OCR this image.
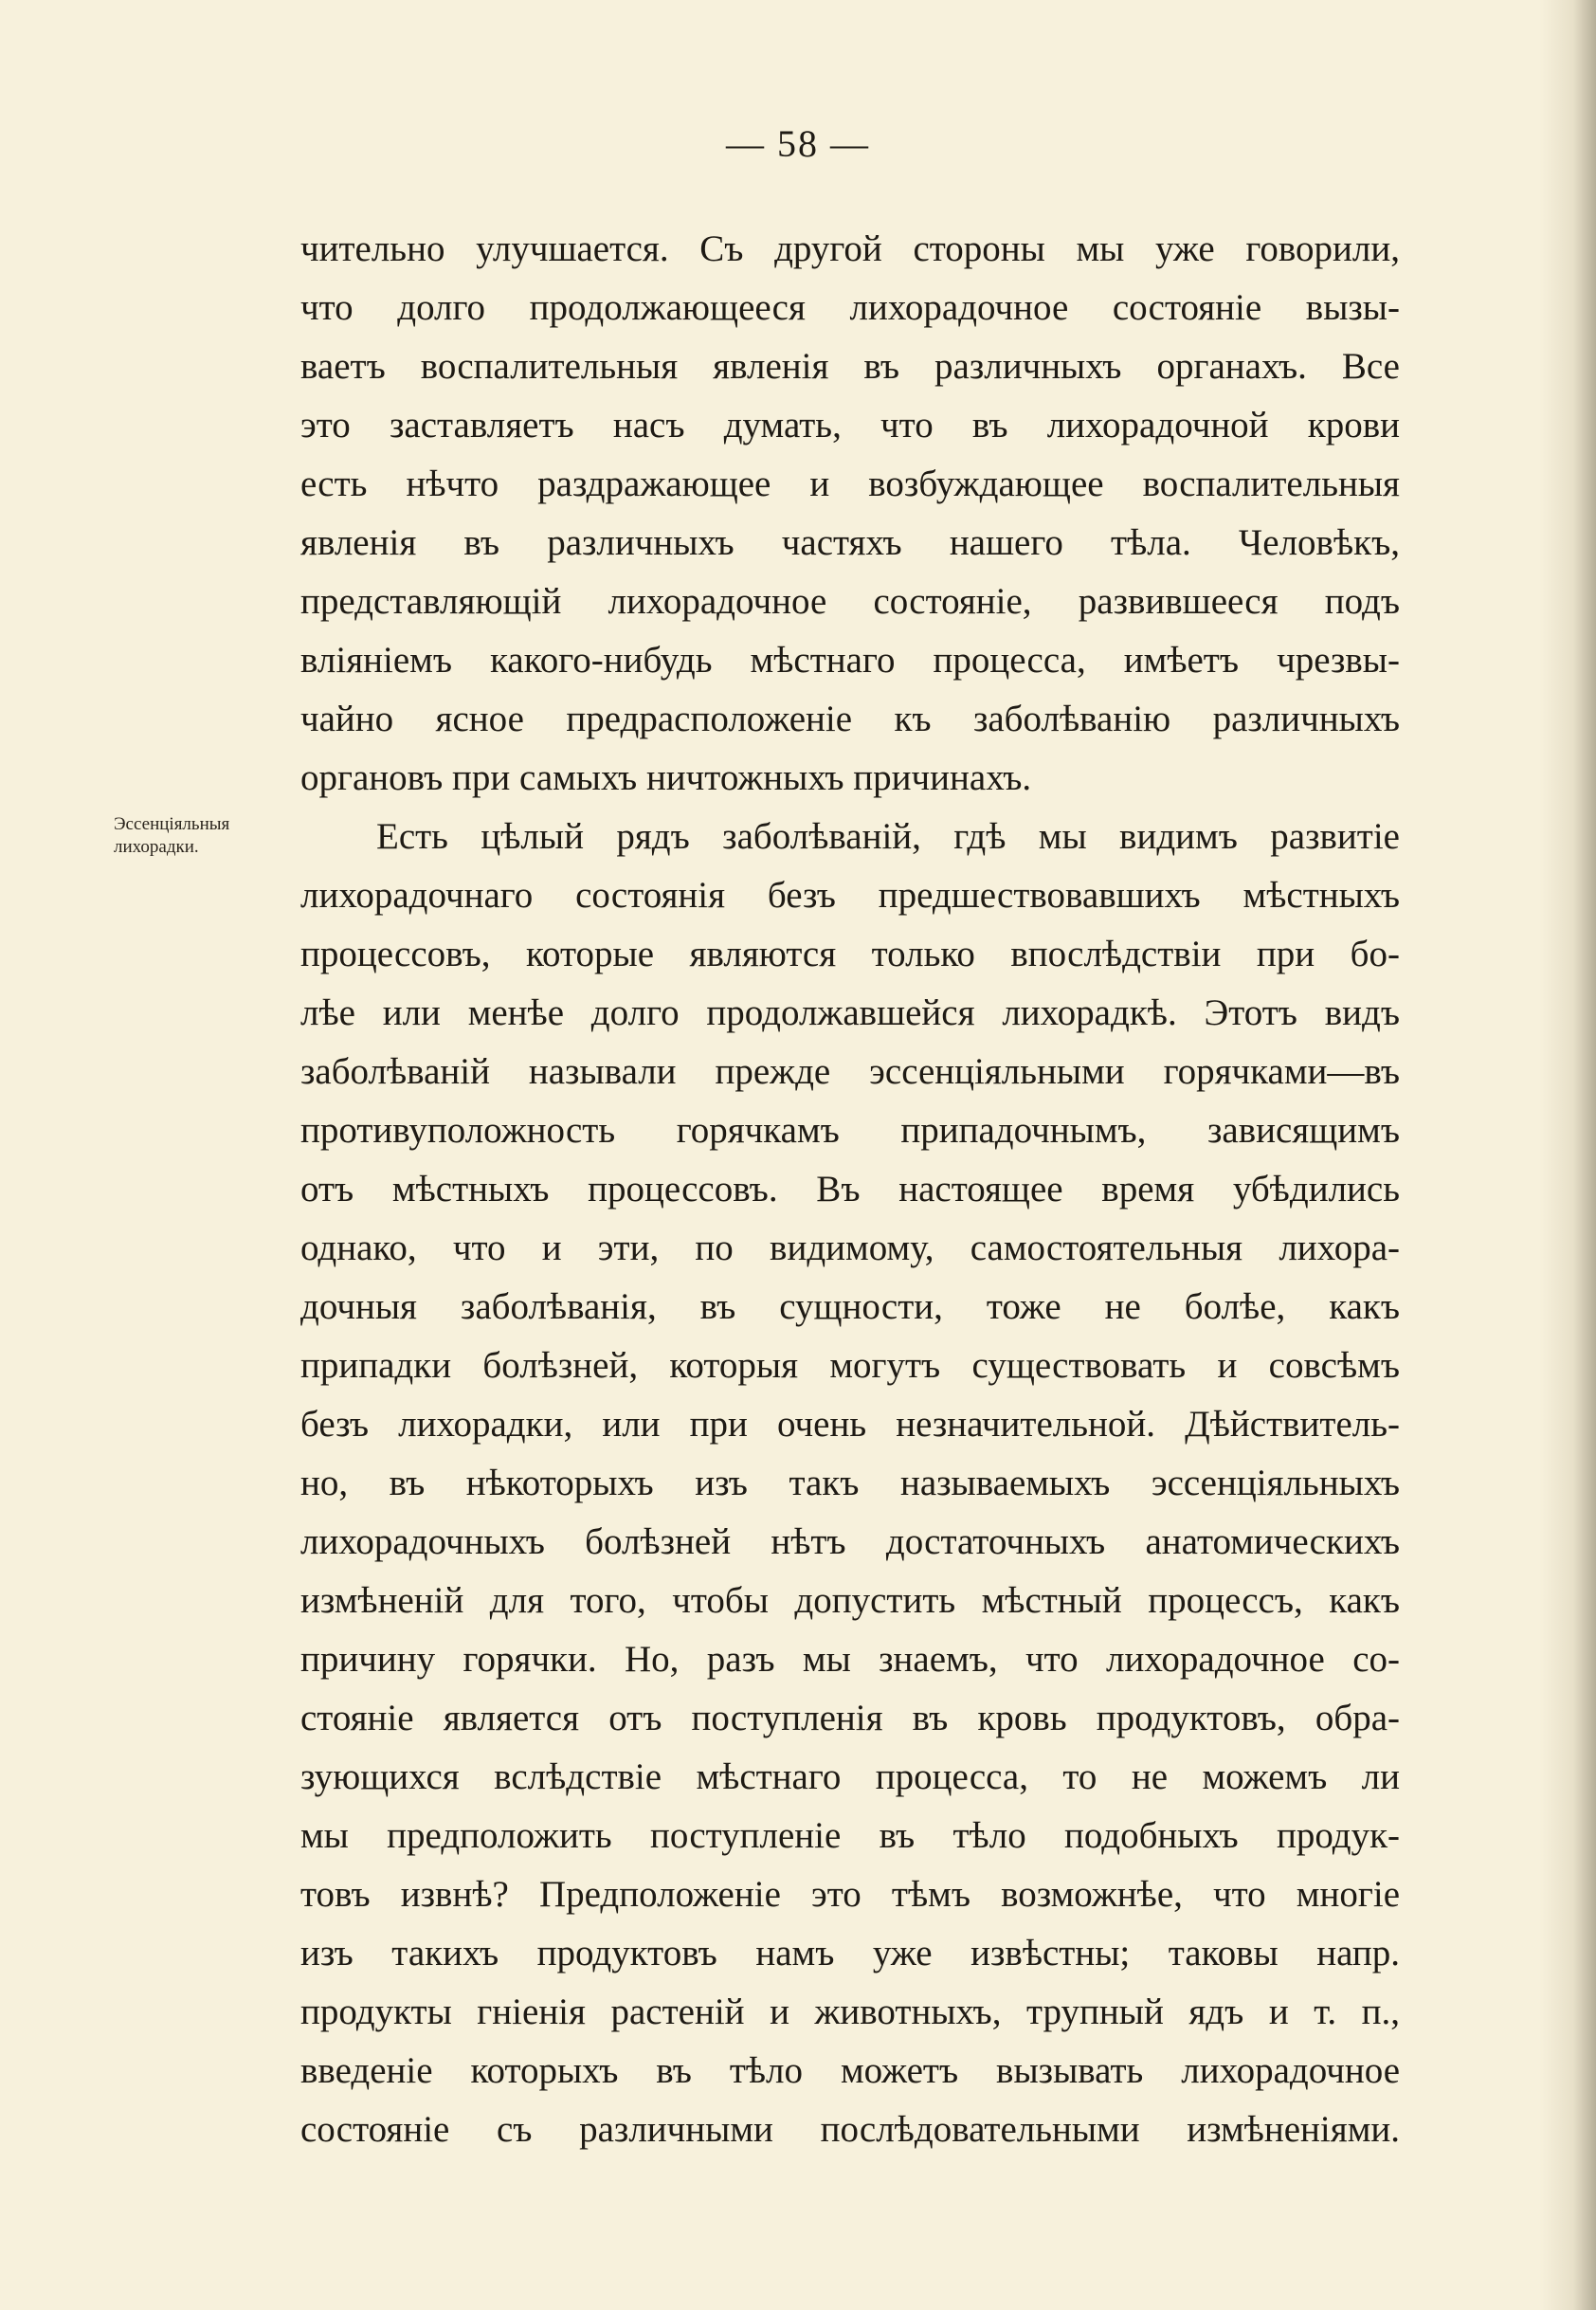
— 58 —
Эссенціяльныя
лихорадки.
чительно улучшается. Съ другой стороны мы уже говорили,
что долго продолжающееся лихорадочное состояніе вызы-
ваетъ воспалительныя явленія въ различныхъ органахъ. Все
это заставляетъ насъ думать, что въ лихорадочной крови
есть нѣчто раздражающее и возбуждающее воспалительныя
явленія въ различныхъ частяхъ нашего тѣла. Человѣкъ,
представляющій лихорадочное состояніе, развившееся подъ
вліяніемъ какого-нибудь мѣстнаго процесса, имѣетъ чрезвы-
чайно ясное предрасположеніе къ заболѣванію различныхъ
органовъ при самыхъ ничтожныхъ причинахъ.
Есть цѣлый рядъ заболѣваній, гдѣ мы видимъ развитіе
лихорадочнаго состоянія безъ предшествовавшихъ мѣстныхъ
процессовъ, которые являются только впослѣдствіи при бо-
лѣе или менѣе долго продолжавшейся лихорадкѣ. Этотъ видъ
заболѣваній называли прежде эссенціяльными горячками—въ
противуположность горячкамъ припадочнымъ, зависящимъ
отъ мѣстныхъ процессовъ. Въ настоящее время убѣдились
однако, что и эти, по видимому, самостоятельныя лихора-
дочныя заболѣванія, въ сущности, тоже не болѣе, какъ
припадки болѣзней, которыя могутъ существовать и совсѣмъ
безъ лихорадки, или при очень незначительной. Дѣйствитель-
но, въ нѣкоторыхъ изъ такъ называемыхъ эссенціяльныхъ
лихорадочныхъ болѣзней нѣтъ достаточныхъ анатомическихъ
измѣненій для того, чтобы допустить мѣстный процессъ, какъ
причину горячки. Но, разъ мы знаемъ, что лихорадочное со-
стояніе является отъ поступленія въ кровь продуктовъ, обра-
зующихся вслѣдствіе мѣстнаго процесса, то не можемъ ли
мы предположить поступленіе въ тѣло подобныхъ продук-
товъ извнѣ? Предположеніе это тѣмъ возможнѣе, что многіе
изъ такихъ продуктовъ намъ уже извѣстны; таковы напр.
продукты гніенія растеній и животныхъ, трупный ядъ и т. п.,
введеніе которыхъ въ тѣло можетъ вызывать лихорадочное
состояніе съ различными послѣдовательными измѣненіями.
